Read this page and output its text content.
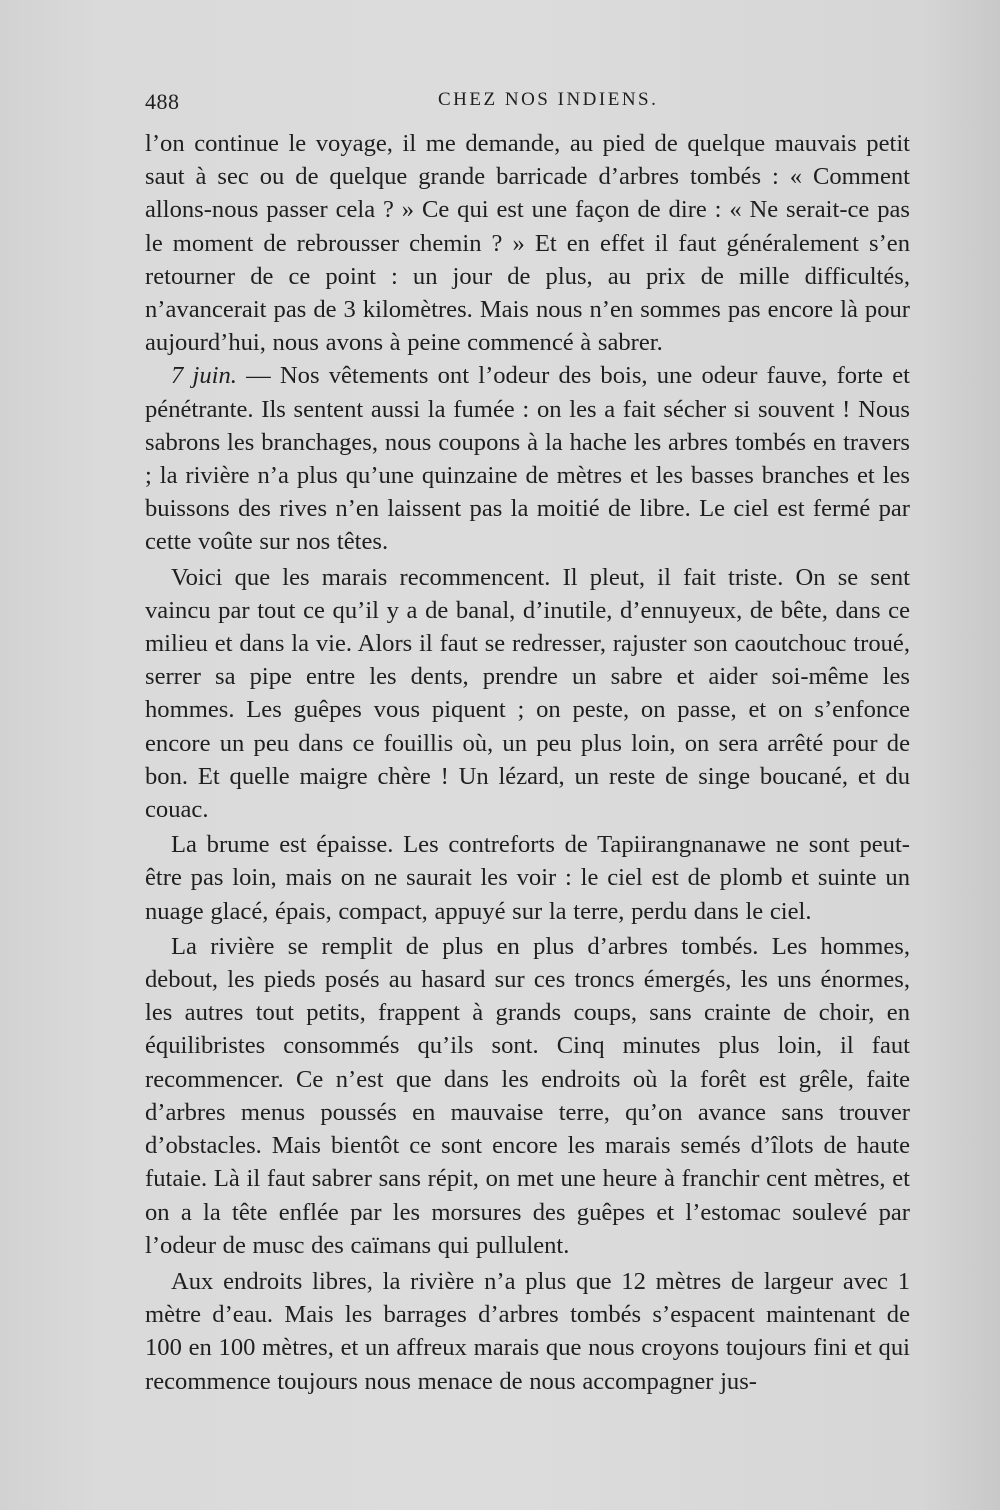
488	CHEZ NOS INDIENS.

l’on continue le voyage, il me demande, au pied de quelque mauvais petit saut à sec ou de quelque grande barricade d’arbres tombés : « Comment allons-nous passer cela ? » Ce qui est une façon de dire : « Ne serait-ce pas le moment de rebrousser chemin ? » Et en effet il faut généralement s’en retourner de ce point : un jour de plus, au prix de mille difficultés, n’avancerait pas de 3 kilomètres. Mais nous n’en sommes pas encore là pour aujourd’hui, nous avons à peine commencé à sabrer.

7 juin. — Nos vêtements ont l’odeur des bois, une odeur fauve, forte et pénétrante. Ils sentent aussi la fumée : on les a fait sécher si souvent ! Nous sabrons les branchages, nous coupons à la hache les arbres tombés en travers ; la rivière n’a plus qu’une quinzaine de mètres et les basses branches et les buissons des rives n’en laissent pas la moitié de libre. Le ciel est fermé par cette voûte sur nos têtes.

Voici que les marais recommencent. Il pleut, il fait triste. On se sent vaincu par tout ce qu’il y a de banal, d’inutile, d’ennuyeux, de bête, dans ce milieu et dans la vie. Alors il faut se redresser, rajuster son caoutchouc troué, serrer sa pipe entre les dents, prendre un sabre et aider soi-même les hommes. Les guêpes vous piquent ; on peste, on passe, et on s’enfonce encore un peu dans ce fouillis où, un peu plus loin, on sera arrêté pour de bon. Et quelle maigre chère ! Un lézard, un reste de singe boucané, et du couac.

La brume est épaisse. Les contreforts de Tapiirangnanawe ne sont peut-être pas loin, mais on ne saurait les voir : le ciel est de plomb et suinte un nuage glacé, épais, compact, appuyé sur la terre, perdu dans le ciel.

La rivière se remplit de plus en plus d’arbres tombés. Les hommes, debout, les pieds posés au hasard sur ces troncs émergés, les uns énormes, les autres tout petits, frappent à grands coups, sans crainte de choir, en équilibristes consommés qu’ils sont. Cinq minutes plus loin, il faut recommencer. Ce n’est que dans les endroits où la forêt est grêle, faite d’arbres menus poussés en mauvaise terre, qu’on avance sans trouver d’obstacles. Mais bientôt ce sont encore les marais semés d’îlots de haute futaie. Là il faut sabrer sans répit, on met une heure à franchir cent mètres, et on a la tête enflée par les morsures des guêpes et l’estomac soulevé par l’odeur de musc des caïmans qui pullulent.

Aux endroits libres, la rivière n’a plus que 12 mètres de largeur avec 1 mètre d’eau. Mais les barrages d’arbres tombés s’espacent maintenant de 100 en 100 mètres, et un affreux marais que nous croyons toujours fini et qui recommence toujours nous menace de nous accompagner jus-
